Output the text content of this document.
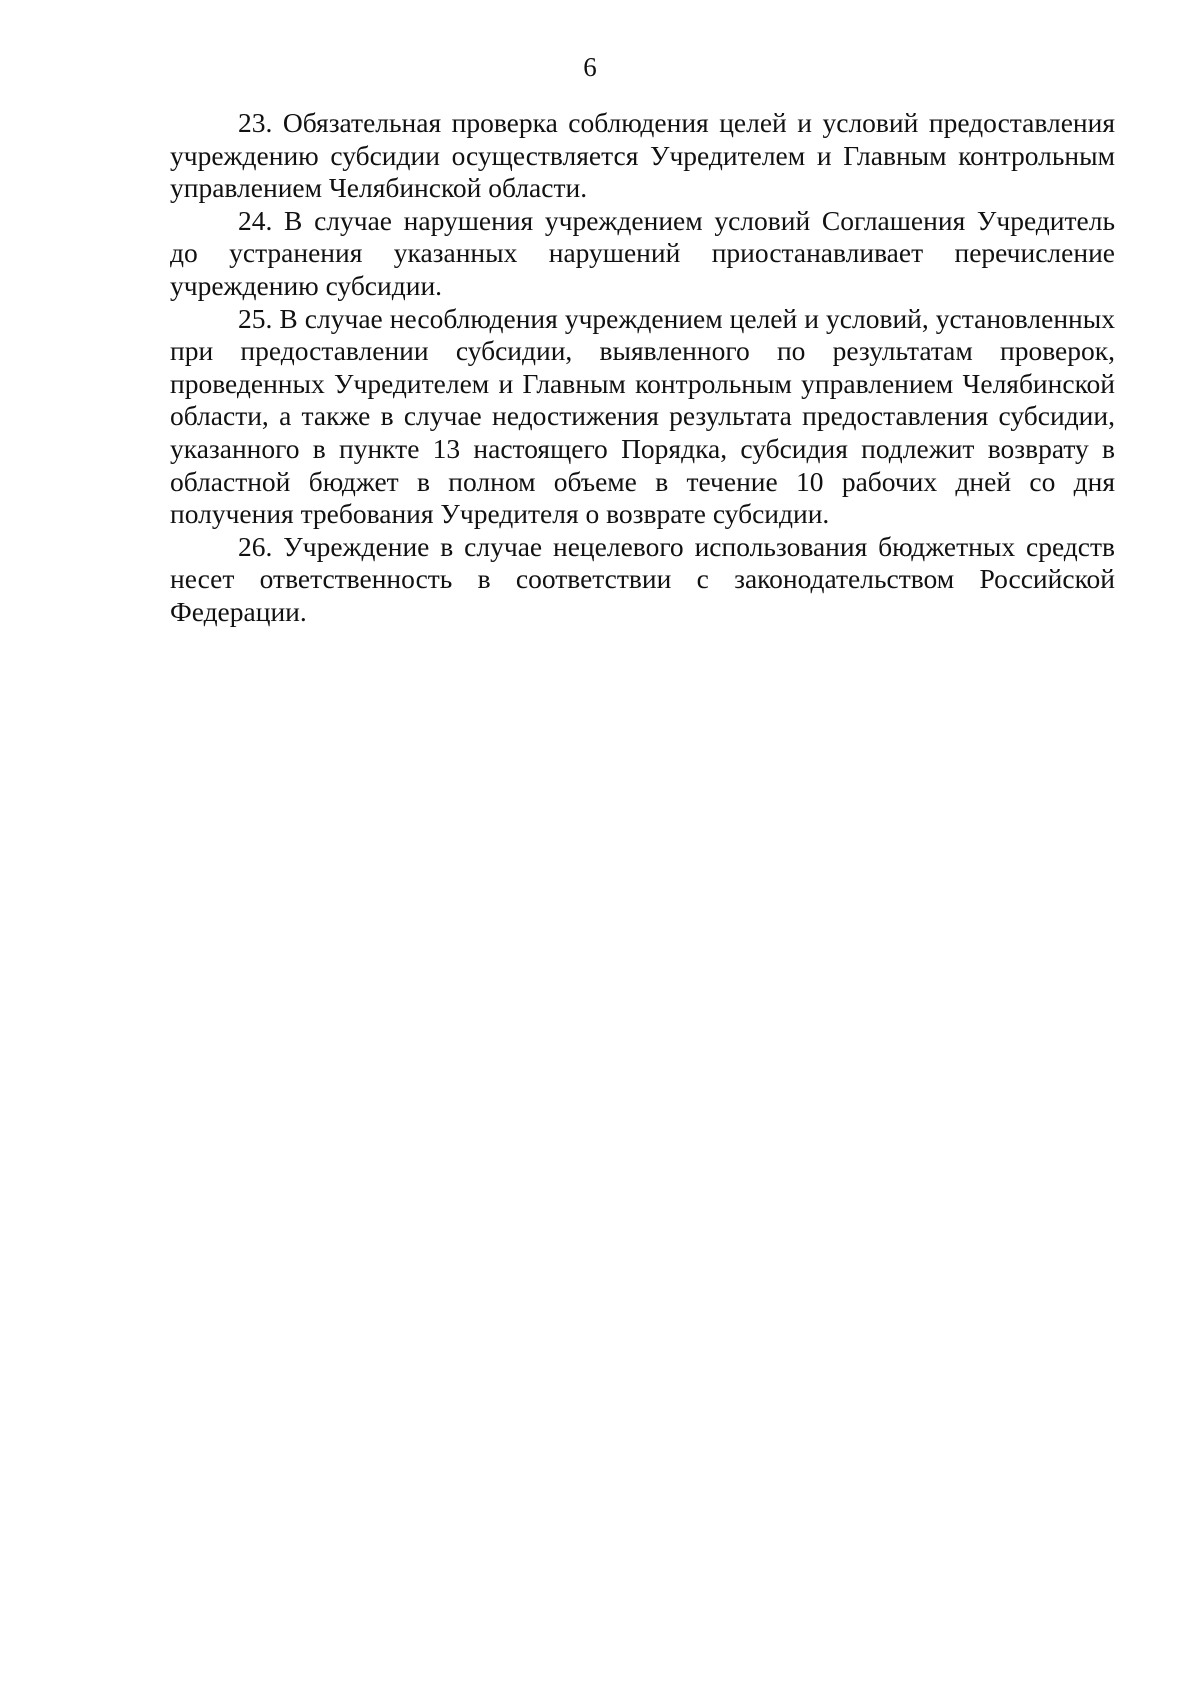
6

23. Обязательная проверка соблюдения целей и условий предоставления учреждению субсидии осуществляется Учредителем и Главным контрольным управлением Челябинской области.

24. В случае нарушения учреждением условий Соглашения Учредитель до устранения указанных нарушений приостанавливает перечисление учреждению субсидии.

25. В случае несоблюдения учреждением целей и условий, установленных при предоставлении субсидии, выявленного по результатам проверок, проведенных Учредителем и Главным контрольным управлением Челябинской области, а также в случае недостижения результата предоставления субсидии, указанного в пункте 13 настоящего Порядка, субсидия подлежит возврату в областной бюджет в полном объеме в течение 10 рабочих дней со дня получения требования Учредителя о возврате субсидии.

26. Учреждение в случае нецелевого использования бюджетных средств несет ответственность в соответствии с законодательством Российской Федерации.
